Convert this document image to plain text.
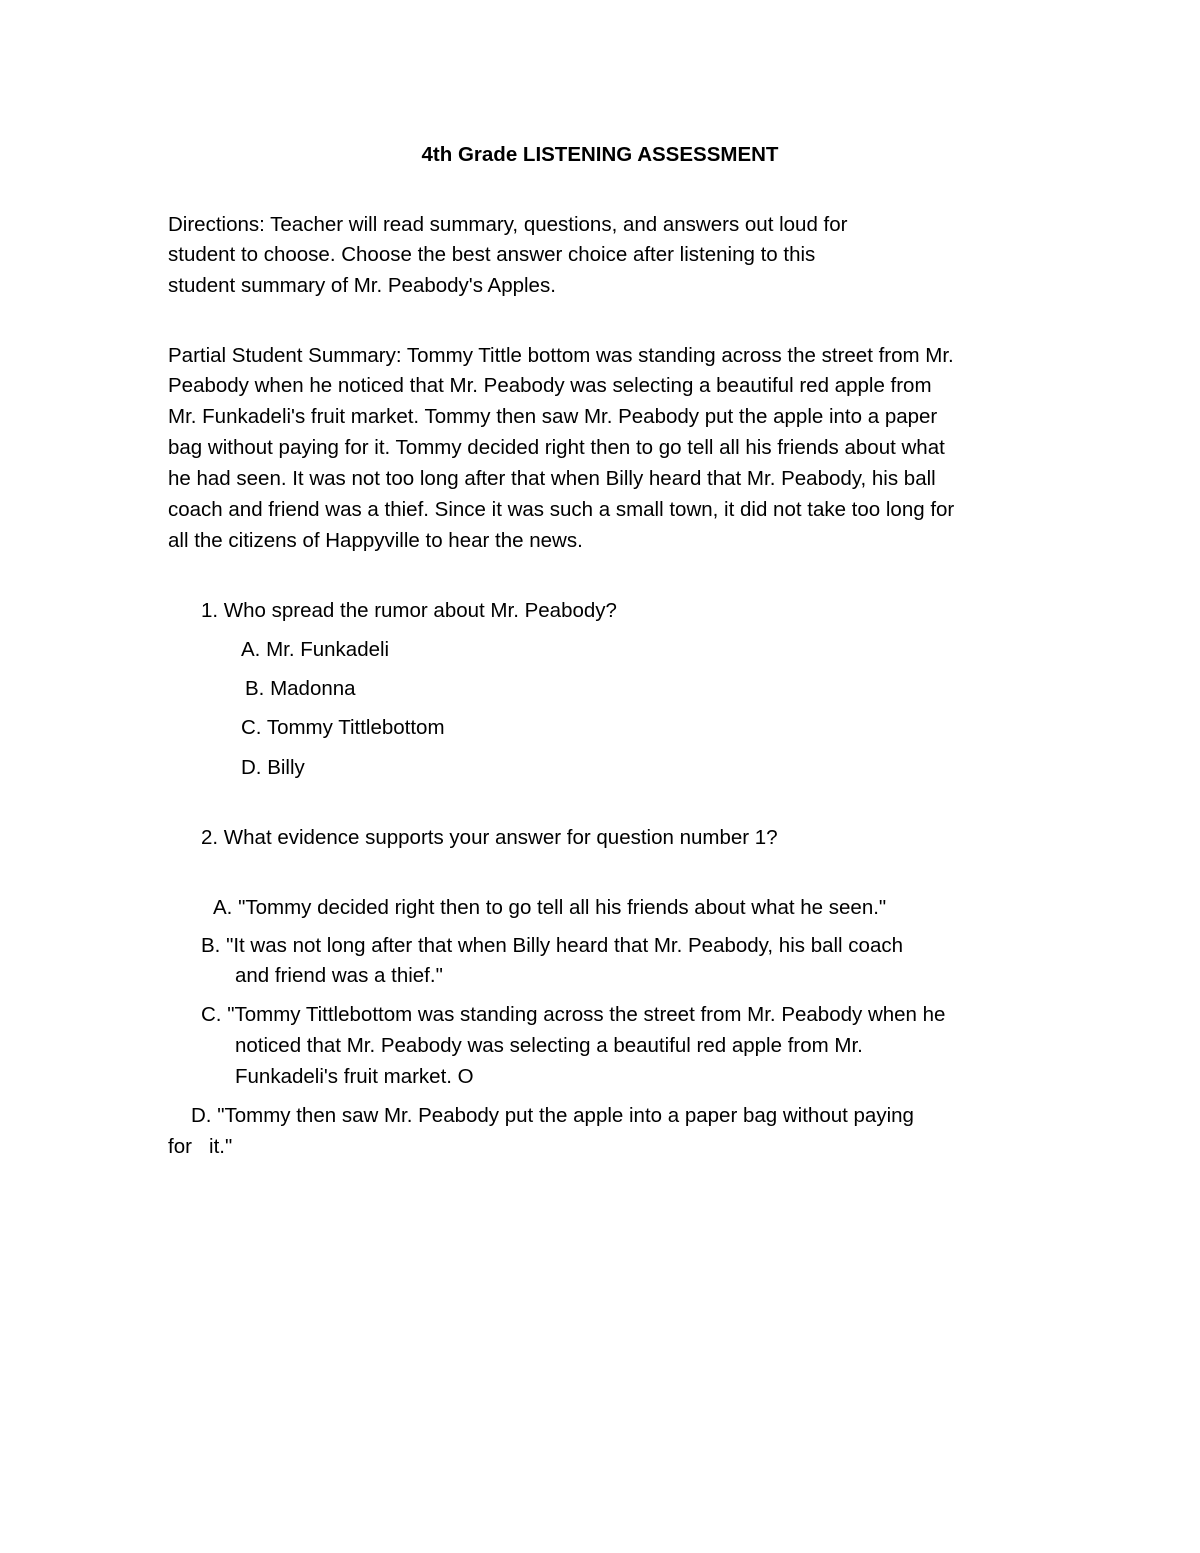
4th Grade LISTENING ASSESSMENT
Directions: Teacher will read summary, questions, and answers out loud for
student to choose. Choose the best answer choice after listening to this
student summary of Mr. Peabody's Apples.
Partial Student Summary: Tommy Tittle bottom was standing across the street from Mr.
Peabody when he noticed that Mr. Peabody was selecting a beautiful red apple from
Mr. Funkadeli's fruit market. Tommy then saw Mr. Peabody put the apple into a paper
bag without paying for it. Tommy decided right then to go tell all his friends about what
he had seen. It was not too long after that when Billy heard that Mr. Peabody, his ball
coach and friend was a thief. Since it was such a small town, it did not take too long for
all the citizens of Happyville to hear the news.
1. Who spread the rumor about Mr. Peabody?
A. Mr. Funkadeli
B. Madonna
C. Tommy Tittlebottom
D. Billy
2. What evidence supports your answer for question number 1?
A. "Tommy decided right then to go tell all his friends about what he seen."
B. "It was not long after that when Billy heard that Mr. Peabody, his ball coach
and friend was a thief."
C. "Tommy Tittlebottom was standing across the street from Mr. Peabody when he
noticed that Mr. Peabody was selecting a beautiful red apple from Mr.
Funkadeli's fruit market. O
D. "Tommy then saw Mr. Peabody put the apple into a paper bag without paying
for   it."
